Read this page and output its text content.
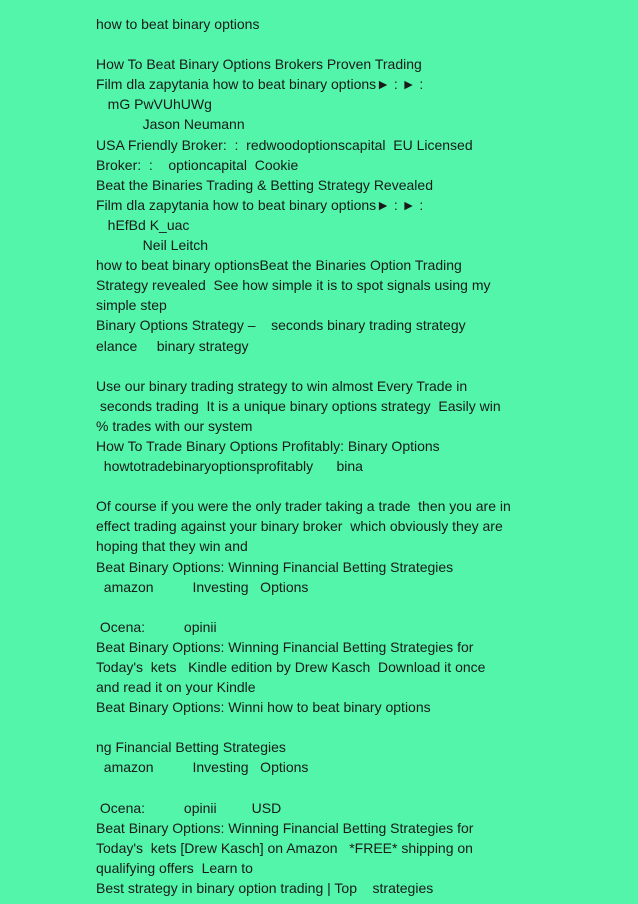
how to beat binary options
How To Beat Binary Options Brokers Proven Trading
Film dla zapytania how to beat binary options► : ► :
mG PwVUhUWg
Jason Neumann
USA Friendly Broker:  :  redwoodoptionscapital  EU Licensed
Broker:  :    optioncapital  Cookie
Beat the Binaries Trading & Betting Strategy Revealed
Film dla zapytania how to beat binary options► : ► :
hEfBd K_uac
Neil Leitch
how to beat binary optionsBeat the Binaries Option Trading
Strategy revealed  See how simple it is to spot signals using my
simple step
Binary Options Strategy –    seconds binary trading strategy
elance     binary strategy
Use our binary trading strategy to win almost Every Trade in
seconds trading  It is a unique binary options strategy  Easily win
% trades with our system
How To Trade Binary Options Profitably: Binary Options
howtotradebinaryoptionsprofitably      bina
Of course if you were the only trader taking a trade  then you are in
effect trading against your binary broker  which obviously they are
hoping that they win and
Beat Binary Options: Winning Financial Betting Strategies
amazon          Investing   Options
Ocena:          opinii
Beat Binary Options: Winning Financial Betting Strategies for
Today's  kets   Kindle edition by Drew Kasch  Download it once
and read it on your Kindle
Beat Binary Options: Winni how to beat binary options
ng Financial Betting Strategies
amazon          Investing   Options
Ocena:          opinii         USD
Beat Binary Options: Winning Financial Betting Strategies for
Today's  kets [Drew Kasch] on Amazon   *FREE* shipping on
qualifying offers  Learn to
Best strategy in binary option trading | Top    strategies
